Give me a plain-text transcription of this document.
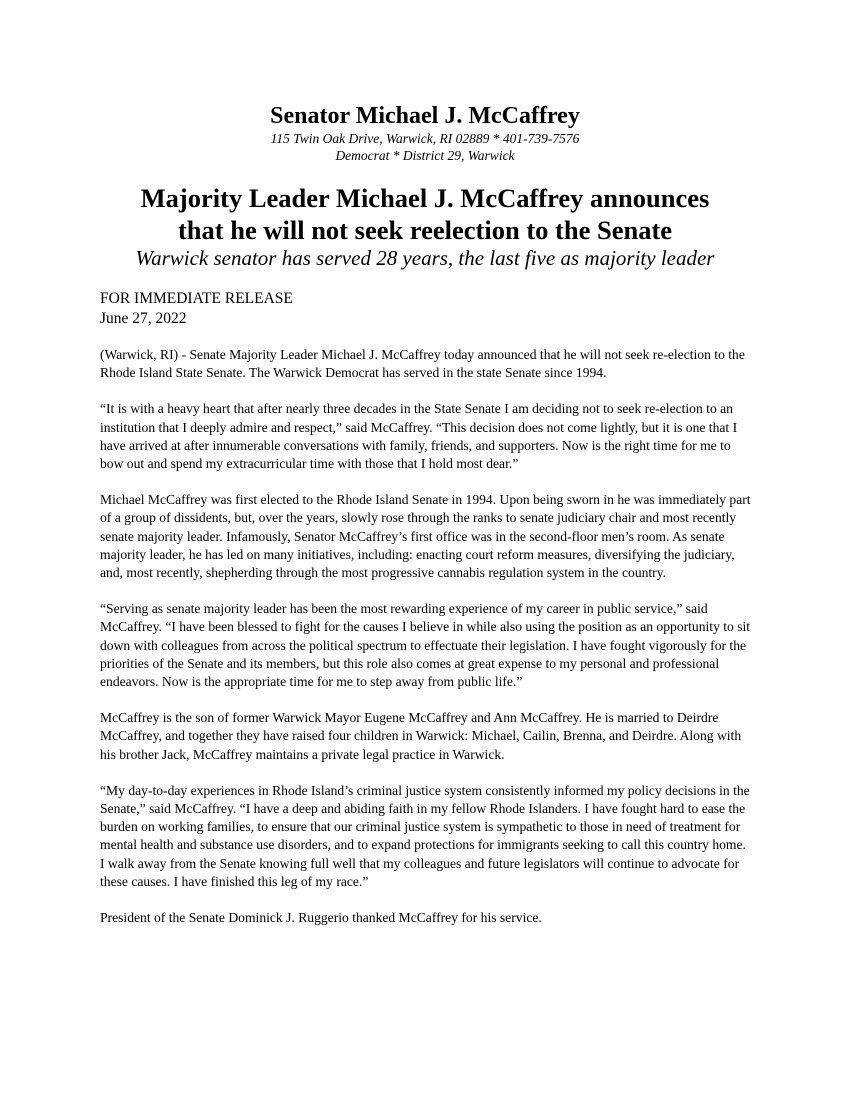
Senator Michael J. McCaffrey
115 Twin Oak Drive, Warwick, RI 02889 * 401-739-7576
Democrat * District 29, Warwick
Majority Leader Michael J. McCaffrey announces
that he will not seek reelection to the Senate
Warwick senator has served 28 years, the last five as majority leader
FOR IMMEDIATE RELEASE
June 27, 2022

(Warwick, RI) - Senate Majority Leader Michael J. McCaffrey today announced that he will not seek re-election to the Rhode Island State Senate. The Warwick Democrat has served in the state Senate since 1994.

“It is with a heavy heart that after nearly three decades in the State Senate I am deciding not to seek re-election to an institution that I deeply admire and respect,” said McCaffrey. “This decision does not come lightly, but it is one that I have arrived at after innumerable conversations with family, friends, and supporters. Now is the right time for me to bow out and spend my extracurricular time with those that I hold most dear.”

Michael McCaffrey was first elected to the Rhode Island Senate in 1994. Upon being sworn in he was immediately part of a group of dissidents, but, over the years, slowly rose through the ranks to senate judiciary chair and most recently senate majority leader. Infamously, Senator McCaffrey’s first office was in the second-floor men’s room. As senate majority leader, he has led on many initiatives, including: enacting court reform measures, diversifying the judiciary, and, most recently, shepherding through the most progressive cannabis regulation system in the country.

“Serving as senate majority leader has been the most rewarding experience of my career in public service,” said McCaffrey. “I have been blessed to fight for the causes I believe in while also using the position as an opportunity to sit down with colleagues from across the political spectrum to effectuate their legislation. I have fought vigorously for the priorities of the Senate and its members, but this role also comes at great expense to my personal and professional endeavors. Now is the appropriate time for me to step away from public life.”

McCaffrey is the son of former Warwick Mayor Eugene McCaffrey and Ann McCaffrey. He is married to Deirdre McCaffrey, and together they have raised four children in Warwick: Michael, Cailin, Brenna, and Deirdre. Along with his brother Jack, McCaffrey maintains a private legal practice in Warwick.

“My day-to-day experiences in Rhode Island’s criminal justice system consistently informed my policy decisions in the Senate,” said McCaffrey. “I have a deep and abiding faith in my fellow Rhode Islanders. I have fought hard to ease the burden on working families, to ensure that our criminal justice system is sympathetic to those in need of treatment for mental health and substance use disorders, and to expand protections for immigrants seeking to call this country home. I walk away from the Senate knowing full well that my colleagues and future legislators will continue to advocate for these causes. I have finished this leg of my race.”

President of the Senate Dominick J. Ruggerio thanked McCaffrey for his service.
